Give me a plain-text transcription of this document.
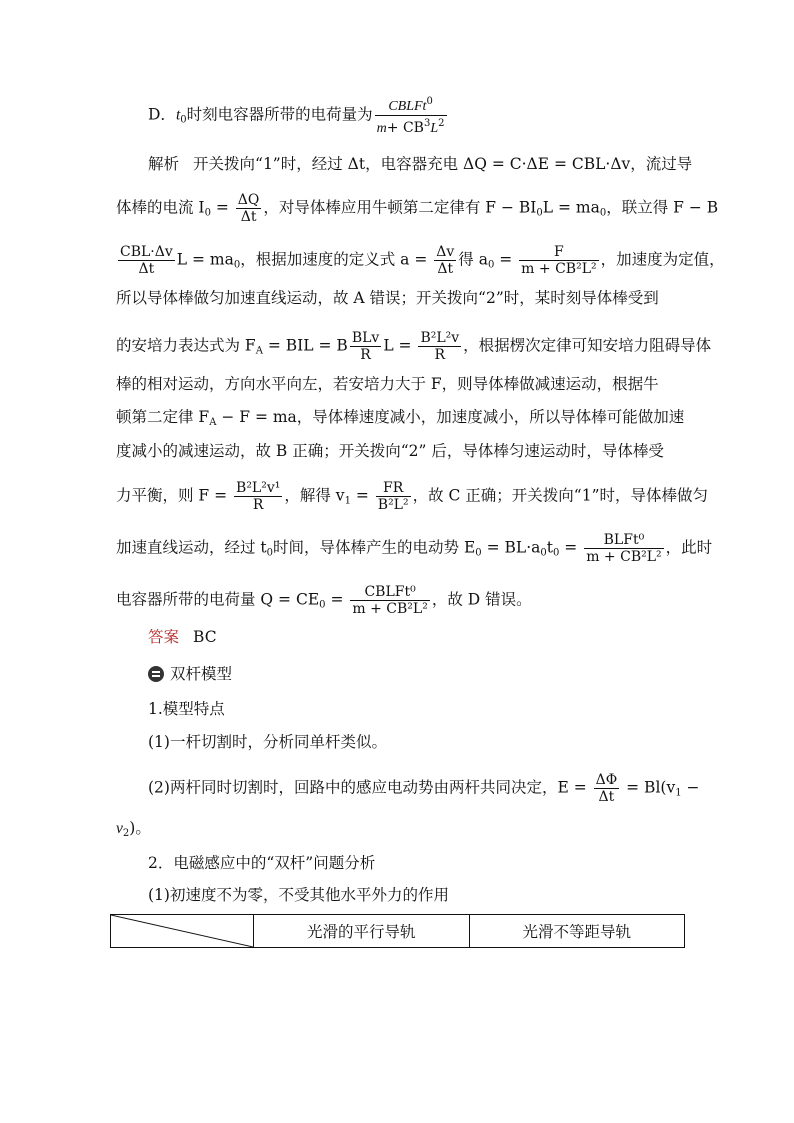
D．$t_0$时刻电容器所带的电荷量为 $\frac{CBLFt^0}{m+ CB^3L^2}$
解析 开关拨向“1”时，经过 Δt，电容器充电 ΔQ = C·ΔE = CBL·Δv，流过导
体棒的电流 $I_0 = \frac{\Delta Q}{\Delta t}$ ，对导体棒应用牛顿第二定律有 $F - BI_0L = ma_0$，联立得 F − B
$\frac{\text{CBL·Δv}}{\Delta t}$ $L = ma_0$，根据加速度的定义式 $a = \frac{\Delta v}{\Delta t}$ 得 $a_0 = \frac{F}{\text{m + CB²L²}}$ ，加速度为定值，
所以导体棒做匀加速直线运动，故 A 错误；开关拨向“2”时，某时刻导体棒受到
的安培力表达式为 $F_A$ = BIL = B $\frac{\text{BLv}}{R}$ $L = \frac{\text{B²L²v}}{R}$ ，根据楞次定律可知安培力阻碍导体
棒的相对运动，方向水平向左，若安培力大于 F，则导体棒做减速运动，根据牛
顿第二定律 $F_A - F$ = ma，导体棒速度减小，加速度减小，所以导体棒可能做加速
度减小的减速运动，故 B 正确；开关拨向“2” 后，导体棒匀速运动时，导体棒受
力平衡，则 $F = \frac{\text{B²L²v¹}}{R}$ ，解得 $v_1 = \frac{FR}{\text{B²L²}}$ ，故 C 正确；开关拨向“1”时，导体棒做匀
加速直线运动，经过 $t_0$时间，导体棒产生的电动势 $E_0 = BL\cdot a_0t_0 = \frac{\text{BLFt⁰}}{\text{m + CB²L²}}$ ，此时
电容器所带的电荷量 $Q = CE_0 = \frac{\text{CBLFt⁰}}{\text{m + CB²L²}}$ ，故 D 错误。
答案 BC
双杆模型
1.模型特点
(1)一杆切割时，分析同单杆类似。
(2)两杆同时切割时，回路中的感应电动势由两杆共同决定，$E = \frac{\Delta\Phi}{\Delta t} = Bl(v_1$ −
$v_2$)。
2．电磁感应中的“双杆”问题分析
(1)初速度不为零，不受其他水平外力的作用
	光滑的平行导轨	光滑不等距导轨
